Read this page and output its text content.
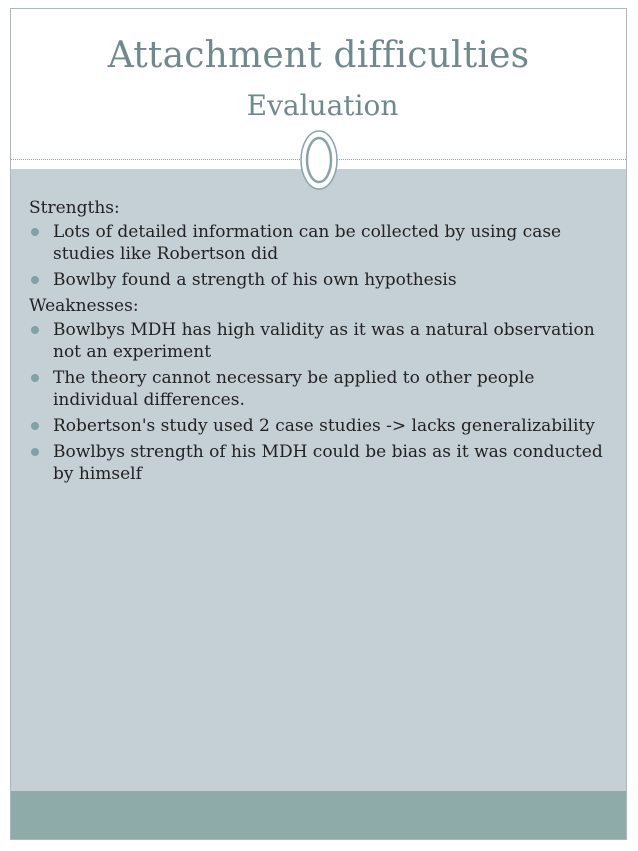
Attachment difficulties
Evaluation

Strengths:

Lots of detailed information can be collected by using case studies like Robertson did
Bowlby found a strength of his own hypothesis

Weaknesses:

Bowlbys MDH has high validity as it was a natural observation not an experiment
The theory cannot necessary be applied to other people individual differences.
Robertson's study used 2 case studies -> lacks generalizability
Bowlbys strength of his MDH could be bias as it was conducted by himself
